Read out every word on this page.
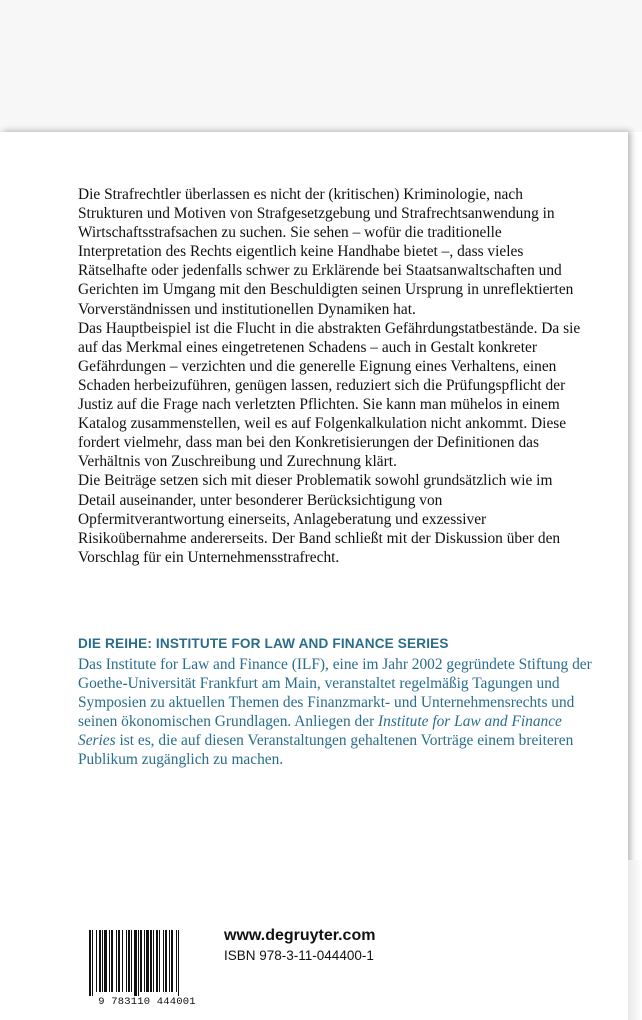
Die Strafrechtler überlassen es nicht der (kritischen) Kriminologie, nach Strukturen und Motiven von Strafgesetzgebung und Strafrechtsanwendung in Wirtschaftsstrafsachen zu suchen. Sie sehen – wofür die traditionelle Interpretation des Rechts eigentlich keine Handhabe bietet –, dass vieles Rätselhafte oder jedenfalls schwer zu Erklärende bei Staatsanwaltschaften und Gerichten im Umgang mit den Beschuldigten seinen Ursprung in unreflektierten Vorverständnissen und institutionellen Dynamiken hat.

Das Hauptbeispiel ist die Flucht in die abstrakten Gefährdungstatbestände. Da sie auf das Merkmal eines eingetretenen Schadens – auch in Gestalt konkreter Gefährdungen – verzichten und die generelle Eignung eines Verhaltens, einen Schaden herbeizuführen, genügen lassen, reduziert sich die Prüfungspflicht der Justiz auf die Frage nach verletzten Pflichten. Sie kann man mühelos in einem Katalog zusammenstellen, weil es auf Folgenkalkulation nicht ankommt. Diese fordert vielmehr, dass man bei den Konkretisierungen der Definitionen das Verhältnis von Zuschreibung und Zurechnung klärt.

Die Beiträge setzen sich mit dieser Problematik sowohl grundsätzlich wie im Detail auseinander, unter besonderer Berücksichtigung von Opfermitverantwortung einerseits, Anlageberatung und exzessiver Risikoübernahme andererseits. Der Band schließt mit der Diskussion über den Vorschlag für ein Unternehmensstrafrecht.

DIE REIHE: INSTITUTE FOR LAW AND FINANCE SERIES

Das Institute for Law and Finance (ILF), eine im Jahr 2002 gegründete Stiftung der Goethe-Universität Frankfurt am Main, veranstaltet regelmäßig Tagungen und Symposien zu aktuellen Themen des Finanzmarkt- und Unternehmensrechts und seinen ökonomischen Grundlagen. Anliegen der Institute for Law and Finance Series ist es, die auf diesen Veranstaltungen gehaltenen Vorträge einem breiteren Publikum zugänglich zu machen.

9 783110 444001
www.degruyter.com
ISBN 978-3-11-044400-1
